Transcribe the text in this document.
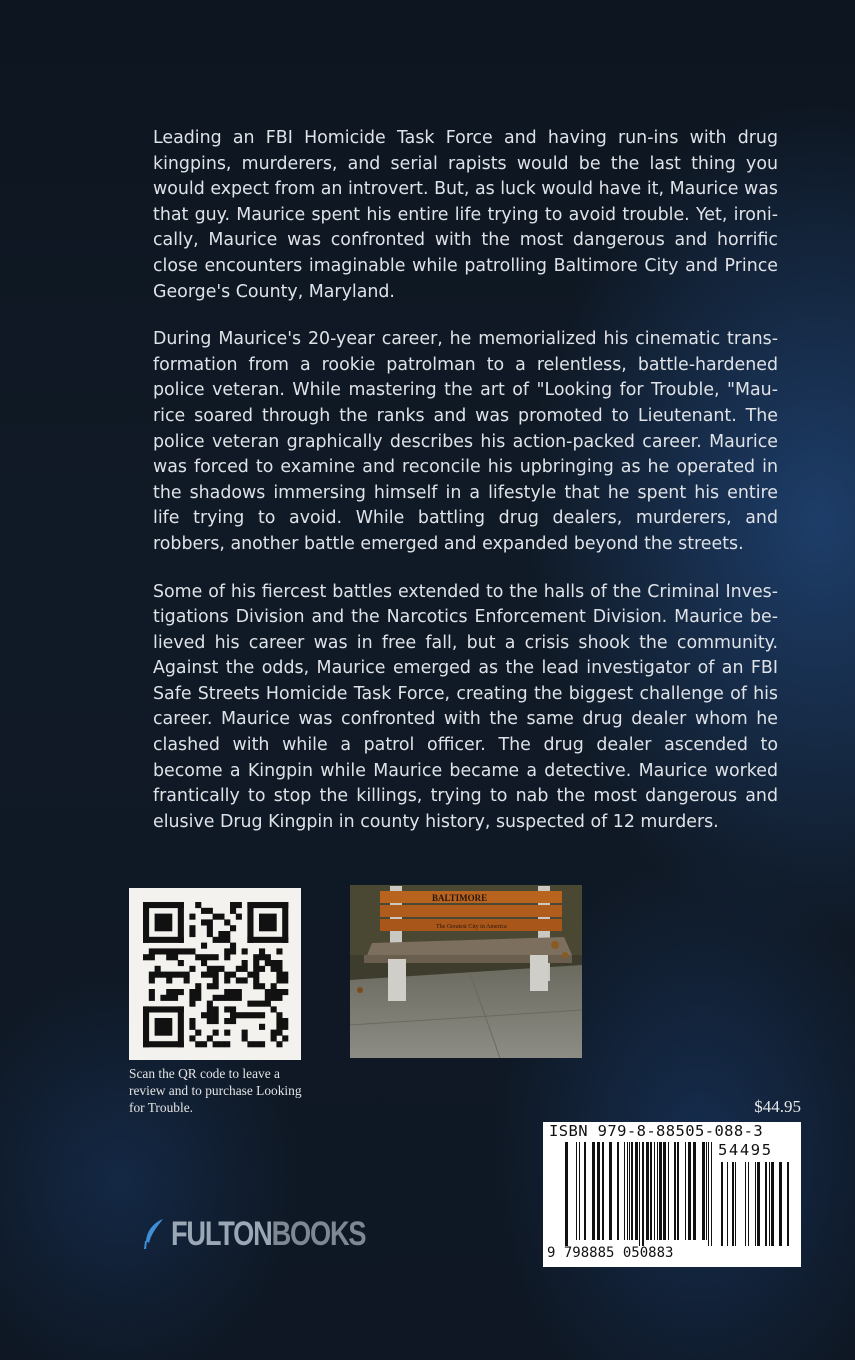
Leading an FBI Homicide Task Force and having run-ins with drug kingpins, murderers, and serial rapists would be the last thing you would expect from an introvert. But, as luck would have it, Maurice was that guy. Maurice spent his entire life trying to avoid trouble. Yet, ironi-cally, Maurice was confronted with the most dangerous and horrific close encounters imaginable while patrolling Baltimore City and Prince George's County, Maryland.

During Maurice's 20-year career, he memorialized his cinematic trans-formation from a rookie patrolman to a relentless, battle-hardened police veteran. While mastering the art of "Looking for Trouble, "Mau-rice soared through the ranks and was promoted to Lieutenant. The police veteran graphically describes his action-packed career. Maurice was forced to examine and reconcile his upbringing as he operated in the shadows immersing himself in a lifestyle that he spent his entire life trying to avoid. While battling drug dealers, murderers, and robbers, another battle emerged and expanded beyond the streets.

Some of his fiercest battles extended to the halls of the Criminal Inves-tigations Division and the Narcotics Enforcement Division. Maurice be-lieved his career was in free fall, but a crisis shook the community. Against the odds, Maurice emerged as the lead investigator of an FBI Safe Streets Homicide Task Force, creating the biggest challenge of his career. Maurice was confronted with the same drug dealer whom he clashed with while a patrol officer. The drug dealer ascended to become a Kingpin while Maurice became a detective. Maurice worked frantically to stop the killings, trying to nab the most dangerous and elusive Drug Kingpin in county history, suspected of 12 murders.

Scan the QR code to leave a review and to purchase Looking for Trouble.
BALTIMORE
The Greatest City in America
$44.95
ISBN 979-8-88505-088-3
54495
9 798885 050883
FULTONBOOKS
